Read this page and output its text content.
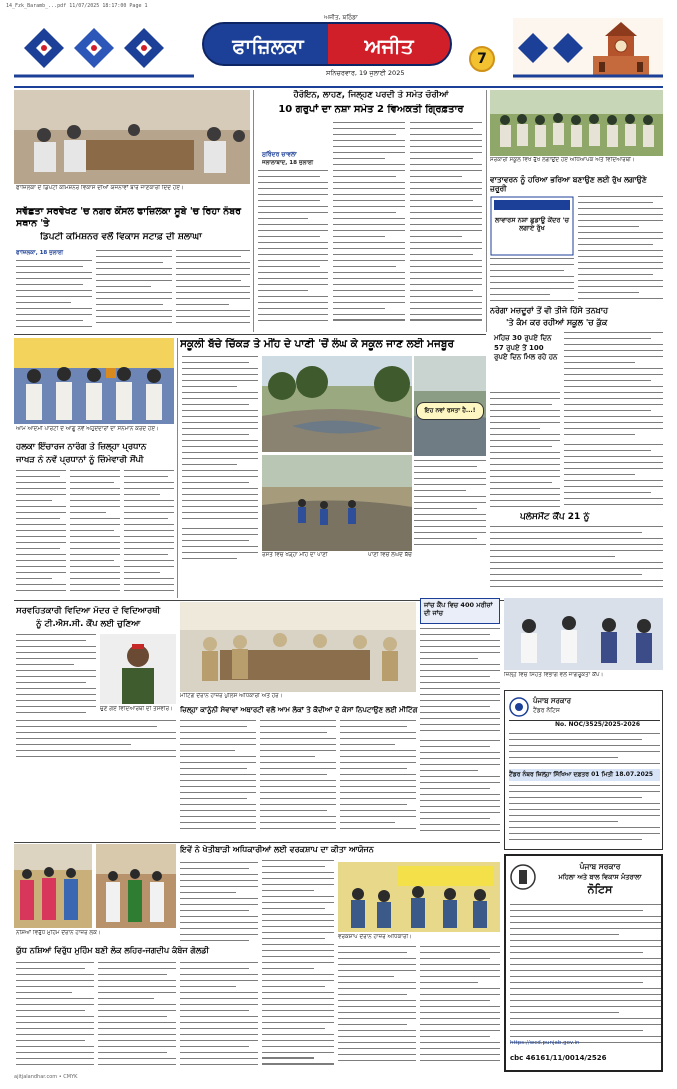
14_Fzk_Baramb_...pdf 11/07/2025 18:17:00 Page 1
ਅਜੀਤ, ਬਠਿੰਡਾ
ਫਾਜ਼ਿਲਕਾ	ਅਜੀਤ
ਸਨਿਚਰਵਾਰ, 19 ਜੁਲਾਈ 2025
7
ਫਾਜ਼ਿਲਕਾ ਦੇ ਡਿਪਟੀ ਕਮਿਸ਼ਨਰ ਵਿਕਾਸ ਦੀਆਂ ਯੋਜਨਾਵਾਂ ਬਾਰੇ ਜਾਣਕਾਰੀ ਦਿੰਦੇ ਹੋਏ।
ਸਵੱਛਤਾ ਸਰਵੇਖਣ 'ਚ ਨਗਰ ਕੌਂਸਲ ਫਾਜ਼ਿਲਕਾ ਸੂਬੇ 'ਚ ਰਿਹਾ ਨੰਬਰ ਸਥਾਨ 'ਤੇ
ਡਿਪਟੀ ਕਮਿਸ਼ਨਰ ਵਲੋਂ ਵਿਕਾਸ ਸਟਾਫ਼ ਦੀ ਸ਼ਲਾਘਾ
ਫਾਜ਼ਿਲਕਾ, 18 ਜੁਲਾਈ
ਹੈਰੋਇਨ, ਲਾਹਣ, ਜਿਲ੍ਹਣ ਪਰਦੀ ਤੇ ਸਮੇਤ ਚੋਰੀਆਂ
10 ਗਰੁਪਾਂ ਦਾ ਨਸ਼ਾ ਸਮੇਤ 2 ਵਿਅਕਤੀ ਗ੍ਰਿਫ਼ਤਾਰ
ਸੁਰਿੰਦਰ ਚਾਵਲਾ
ਜਲਾਲਾਬਾਦ, 18 ਜੁਲਾਈ	ਸਰਕਾਰੀ ਸਕੂਲ ਵਿਖੇ ਰੁੱਖ ਲਗਾਉਂਦੇ ਹੋਏ ਅਧਿਆਪਕ ਅਤੇ ਵਿਦਿਆਰਥੀ।
ਵਾਤਾਵਰਨ ਨੂੰ ਹਰਿਆ ਭਰਿਆ ਬਣਾਉਣ ਲਈ ਰੁੱਖ ਲਗਾਉਣੇ ਜ਼ਰੂਰੀ
ਲਾਵਾਰਸ ਨਸ਼ਾ ਛੁਡਾਊ ਕੇਂਦਰ 'ਚ ਲਗਾਏ ਰੁੱਖ
ਨਰੇਗਾ ਮਜ਼ਦੂਰਾਂ ਤੋਂ ਵੀ ਤੀਜੇ ਹਿੱਸੇ ਤਨਖ਼ਾਹ
'ਤੇ ਕੰਮ ਕਰ ਰਹੀਆਂ ਸਕੂਲ 'ਚ ਕੁੱਕ
ਸਕੂਲੀ ਬੱਚੇ ਚਿੱਕੜ ਤੇ ਮੀਂਹ ਦੇ ਪਾਣੀ 'ਚੋਂ ਲੰਘ ਕੇ ਸਕੂਲ ਜਾਣ ਲਈ ਮਜਬੂਰ
ਆਮ ਆਦਮੀ ਪਾਰਟੀ ਦੇ ਆਗੂ ਨਵੇਂ ਅਹੁਦੇਦਾਰਾਂ ਦਾ ਸਨਮਾਨ ਕਰਦੇ ਹੋਏ।
ਹਲਕਾ ਇੰਚਾਰਜ ਨਾਰੰਗ ਤੇ ਜ਼ਿਲ੍ਹਾ ਪ੍ਰਧਾਨ
ਜਾਖੜ ਨੇ ਨਵੇਂ ਪ੍ਰਧਾਨਾਂ ਨੂੰ ਜ਼ਿੰਮੇਵਾਰੀ ਸੌਂਪੀ
ਰਸਤੇ ਵਿਚ ਖੜ੍ਹਾ ਮੀਂਹ ਦਾ ਪਾਣੀ	ਪਾਣੀ ਵਿਚੋਂ ਲੰਘਦੇ ਬੱਚੇ
ਇਹ ਨਵਾਂ ਰਸਤਾ ਹੈ...!
ਮਹਿਜ਼ 30 ਰੁਪਏ ਦਿਨ 57 ਰੁਪਏ ਤੋਂ 100 ਰੁਪਏ ਦਿਨ ਮਿਲ ਰਹੇ ਹਨ
ਪਲੇਸਮੈਂਟ ਕੈਂਪ 21 ਨੂੰ
ਮੀਟਿੰਗ ਦੌਰਾਨ ਹਾਜ਼ਰ ਪੁਲਿਸ ਅਧਿਕਾਰੀ ਅਤੇ ਹੋਰ।
ਜਾਂਚ ਕੈਂਪ ਵਿਚ 400 ਮਰੀਜ਼ਾਂ ਦੀ ਜਾਂਚ
ਜ਼ਿਲ੍ਹੇ ਵਿਚ ਸਿਹਤ ਵਿਭਾਗ ਵਲੋਂ ਜਾਗਰੂਕਤਾ ਕੈਂਪ।
ਸਰਵਹਿਤਕਾਰੀ ਵਿਦਿਆ ਮੰਦਰ ਦੇ ਵਿਦਿਆਰਥੀ
ਨੂੰ ਟੀ.ਐਸ.ਸੀ. ਕੈਂਪ ਲਈ ਚੁਣਿਆ
ਚੁਣੇ ਗਏ ਵਿਦਿਆਰਥੀ ਦੀ ਤਸਵੀਰ।	ਜ਼ਿਲ੍ਹਾ ਕਾਨੂੰਨੀ ਸੇਵਾਵਾਂ ਅਥਾਰਟੀ ਵਲੋਂ ਆਮ ਲੋਕਾਂ ਤੇ ਕੈਦੀਆਂ ਦੇ ਕੇਸਾਂ ਨਿਪਟਾਉਣ ਲਈ ਮੀਟਿੰਗ
ਪੰਜਾਬ ਸਰਕਾਰ
ਟੈਂਡਰ ਨੋਟਿਸ
No. NOC/3525/2025-2026
ਟੈਂਡਰ ਨੰਬਰ ਜ਼ਿਲ੍ਹਾ ਸਿੱਖਿਆ ਦਫ਼ਤਰ 01 ਮਿਤੀ 18.07.2025
ਇਵੇਂ ਨੇ ਖੇਤੀਬਾੜੀ ਅਧਿਕਾਰੀਆਂ ਲਈ ਵਰਕਸ਼ਾਪ ਦਾ ਕੀਤਾ ਆਯੋਜਨ
ਵਰਕਸ਼ਾਪ ਦੌਰਾਨ ਹਾਜ਼ਰ ਅਧਿਕਾਰੀ।
ਨਸ਼ਿਆਂ ਵਿਰੁੱਧ ਮੁਹਿੰਮ ਦੌਰਾਨ ਹਾਜ਼ਰ ਲੋਕ।
ਯੁੱਧ ਨਸ਼ਿਆਂ ਵਿਰੁੱਧ ਮੁਹਿੰਮ ਬਣੀ ਲੋਕ ਲਹਿਰ-ਜਗਦੀਪ ਕੰਬੋਜ ਗੋਲਡੀ
ਪੰਜਾਬ ਸਰਕਾਰ
ਮਹਿਲਾ ਅਤੇ ਬਾਲ ਵਿਕਾਸ ਮੰਤਰਾਲਾ
ਨੋਟਿਸ
https://wcd.punjab.gov.in
cbc 46161/11/0014/2526
ajitjalandhar.com • CMYK
